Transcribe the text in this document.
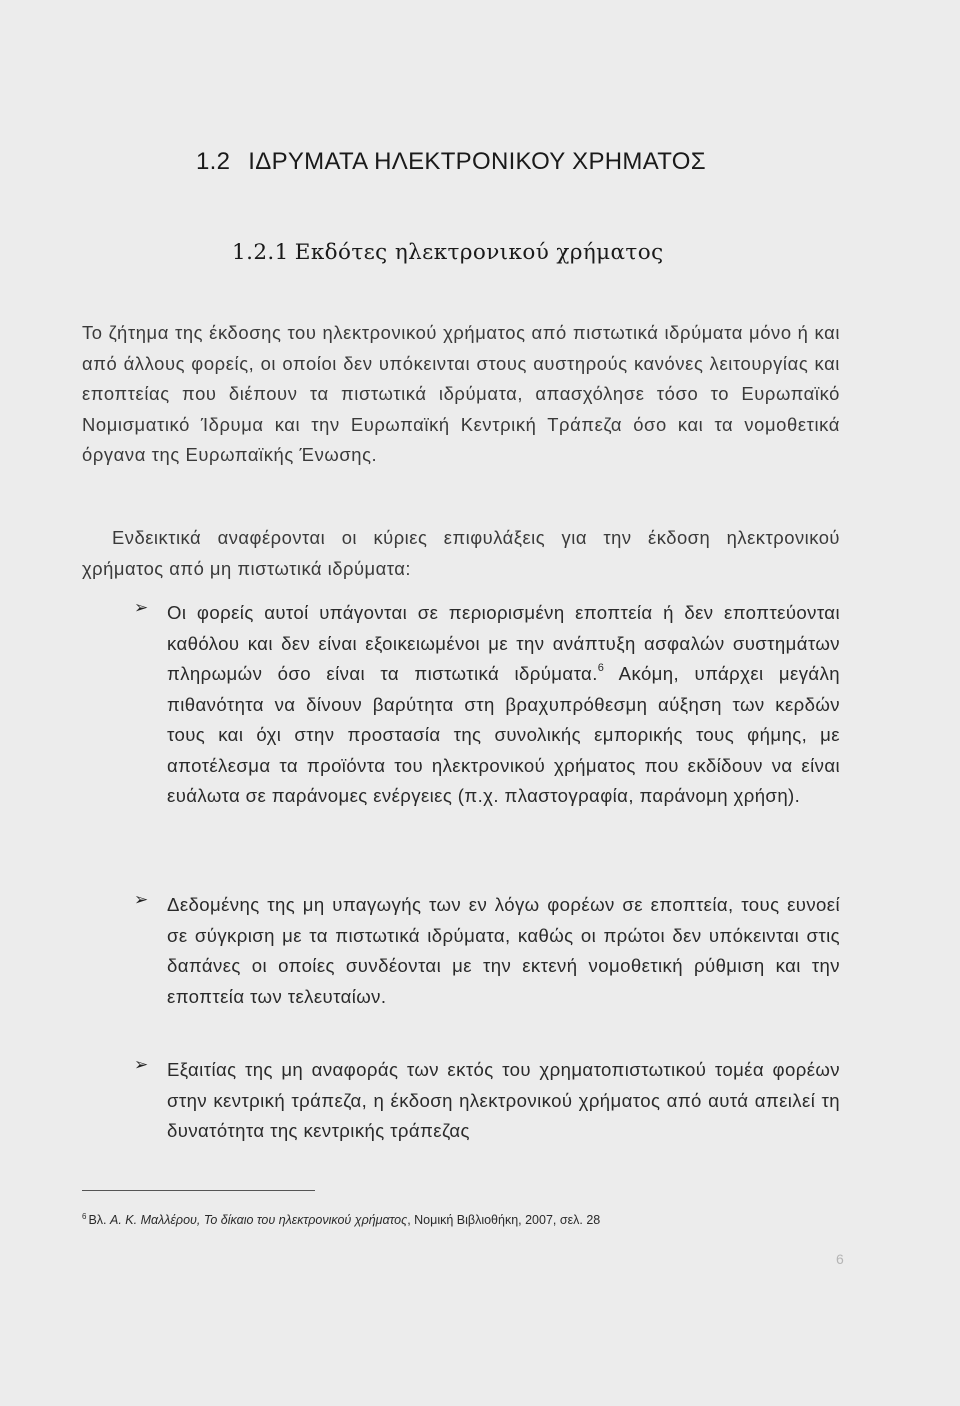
1.2 ΙΔΡΥΜΑΤΑ ΗΛΕΚΤΡΟΝΙΚΟΥ ΧΡΗΜΑΤΟΣ
1.2.1 Εκδότες ηλεκτρονικού χρήματος

Το ζήτημα της έκδοσης του ηλεκτρονικού χρήματος από πιστωτικά ιδρύματα μόνο ή και από άλλους φορείς, οι οποίοι δεν υπόκεινται στους αυστηρούς κανόνες λειτουργίας και εποπτείας που διέπουν τα πιστωτικά ιδρύματα, απασχόλησε τόσο το Ευρωπαϊκό Νομισματικό Ίδρυμα και την Ευρωπαϊκή Κεντρική Τράπεζα όσο και τα νομοθετικά όργανα της Ευρωπαϊκής Ένωσης.

Ενδεικτικά αναφέρονται οι κύριες επιφυλάξεις για την έκδοση ηλεκτρονικού χρήματος από μη πιστωτικά ιδρύματα:

➢ Οι φορείς αυτοί υπάγονται σε περιορισμένη εποπτεία ή δεν εποπτεύονται καθόλου και δεν είναι εξοικειωμένοι με την ανάπτυξη ασφαλών συστημάτων πληρωμών όσο είναι τα πιστωτικά ιδρύματα.$^6$ Ακόμη, υπάρχει μεγάλη πιθανότητα να δίνουν βαρύτητα στη βραχυπρόθεσμη αύξηση των κερδών τους και όχι στην προστασία της συνολικής εμπορικής τους φήμης, με αποτέλεσμα τα προϊόντα του ηλεκτρονικού χρήματος που εκδίδουν να είναι ευάλωτα σε παράνομες ενέργειες (π.χ. πλαστογραφία, παράνομη χρήση).

➢ Δεδομένης της μη υπαγωγής των εν λόγω φορέων σε εποπτεία, τους ευνοεί σε σύγκριση με τα πιστωτικά ιδρύματα, καθώς οι πρώτοι δεν υπόκεινται στις δαπάνες οι οποίες συνδέονται με την εκτενή νομοθετική ρύθμιση και την εποπτεία των τελευταίων.

➢ Εξαιτίας της μη αναφοράς των εκτός του χρηματοπιστωτικού τομέα φορέων στην κεντρική τράπεζα, η έκδοση ηλεκτρονικού χρήματος από αυτά απειλεί τη δυνατότητα της κεντρικής τράπεζας

$^6$ Βλ. Α. Κ. Μαλλέρου, Το δίκαιο του ηλεκτρονικού χρήματος, Νομική Βιβλιοθήκη, 2007, σελ. 28
6
